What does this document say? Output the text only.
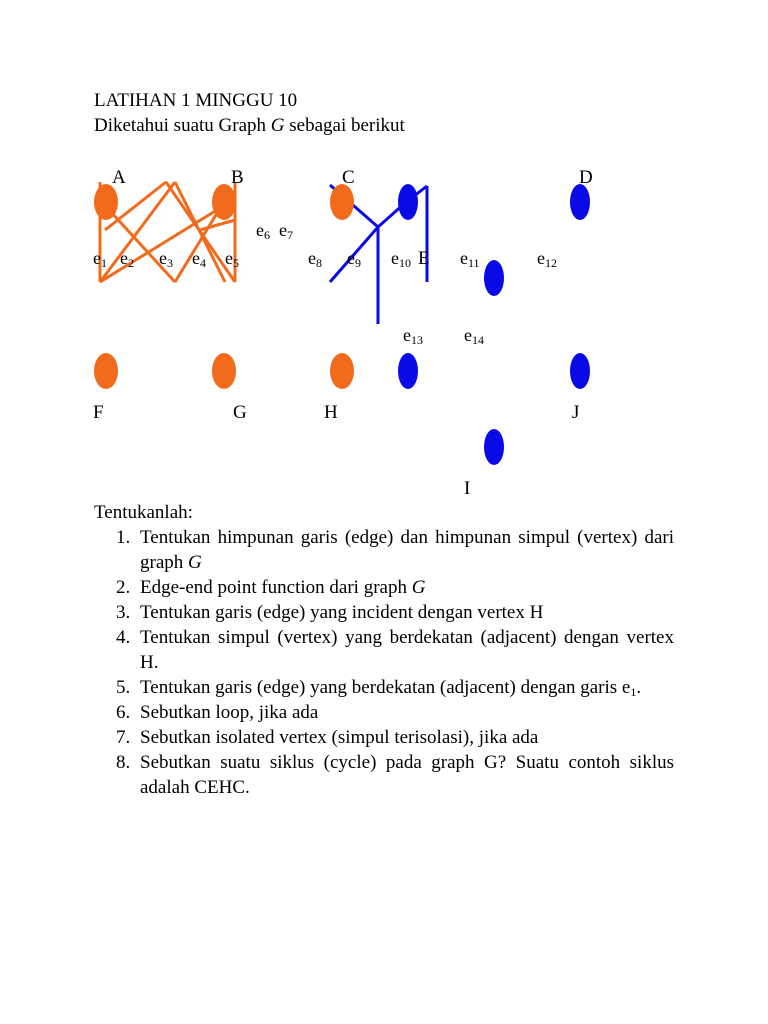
LATIHAN 1 MINGGU 10
Diketahui suatu Graph G sebagai berikut
A	B	C	D
E
F	G	H
I
J
e1 e2 e3 e4 e5
e6 e7
e8 e9 e10	e11	e12
e13 e14

Tentukanlah:

1. Tentukan himpunan garis (edge) dan himpunan simpul (vertex) dari graph G
2. Edge-end point function dari graph G
3. Tentukan garis (edge) yang incident dengan vertex H
4. Tentukan simpul (vertex) yang berdekatan (adjacent) dengan vertex H.
5. Tentukan garis (edge) yang berdekatan (adjacent) dengan garis $e_1$.
6. Sebutkan loop, jika ada
7. Sebutkan isolated vertex (simpul terisolasi), jika ada
8. Sebutkan suatu siklus (cycle) pada graph G? Suatu contoh siklus adalah CEHC.
